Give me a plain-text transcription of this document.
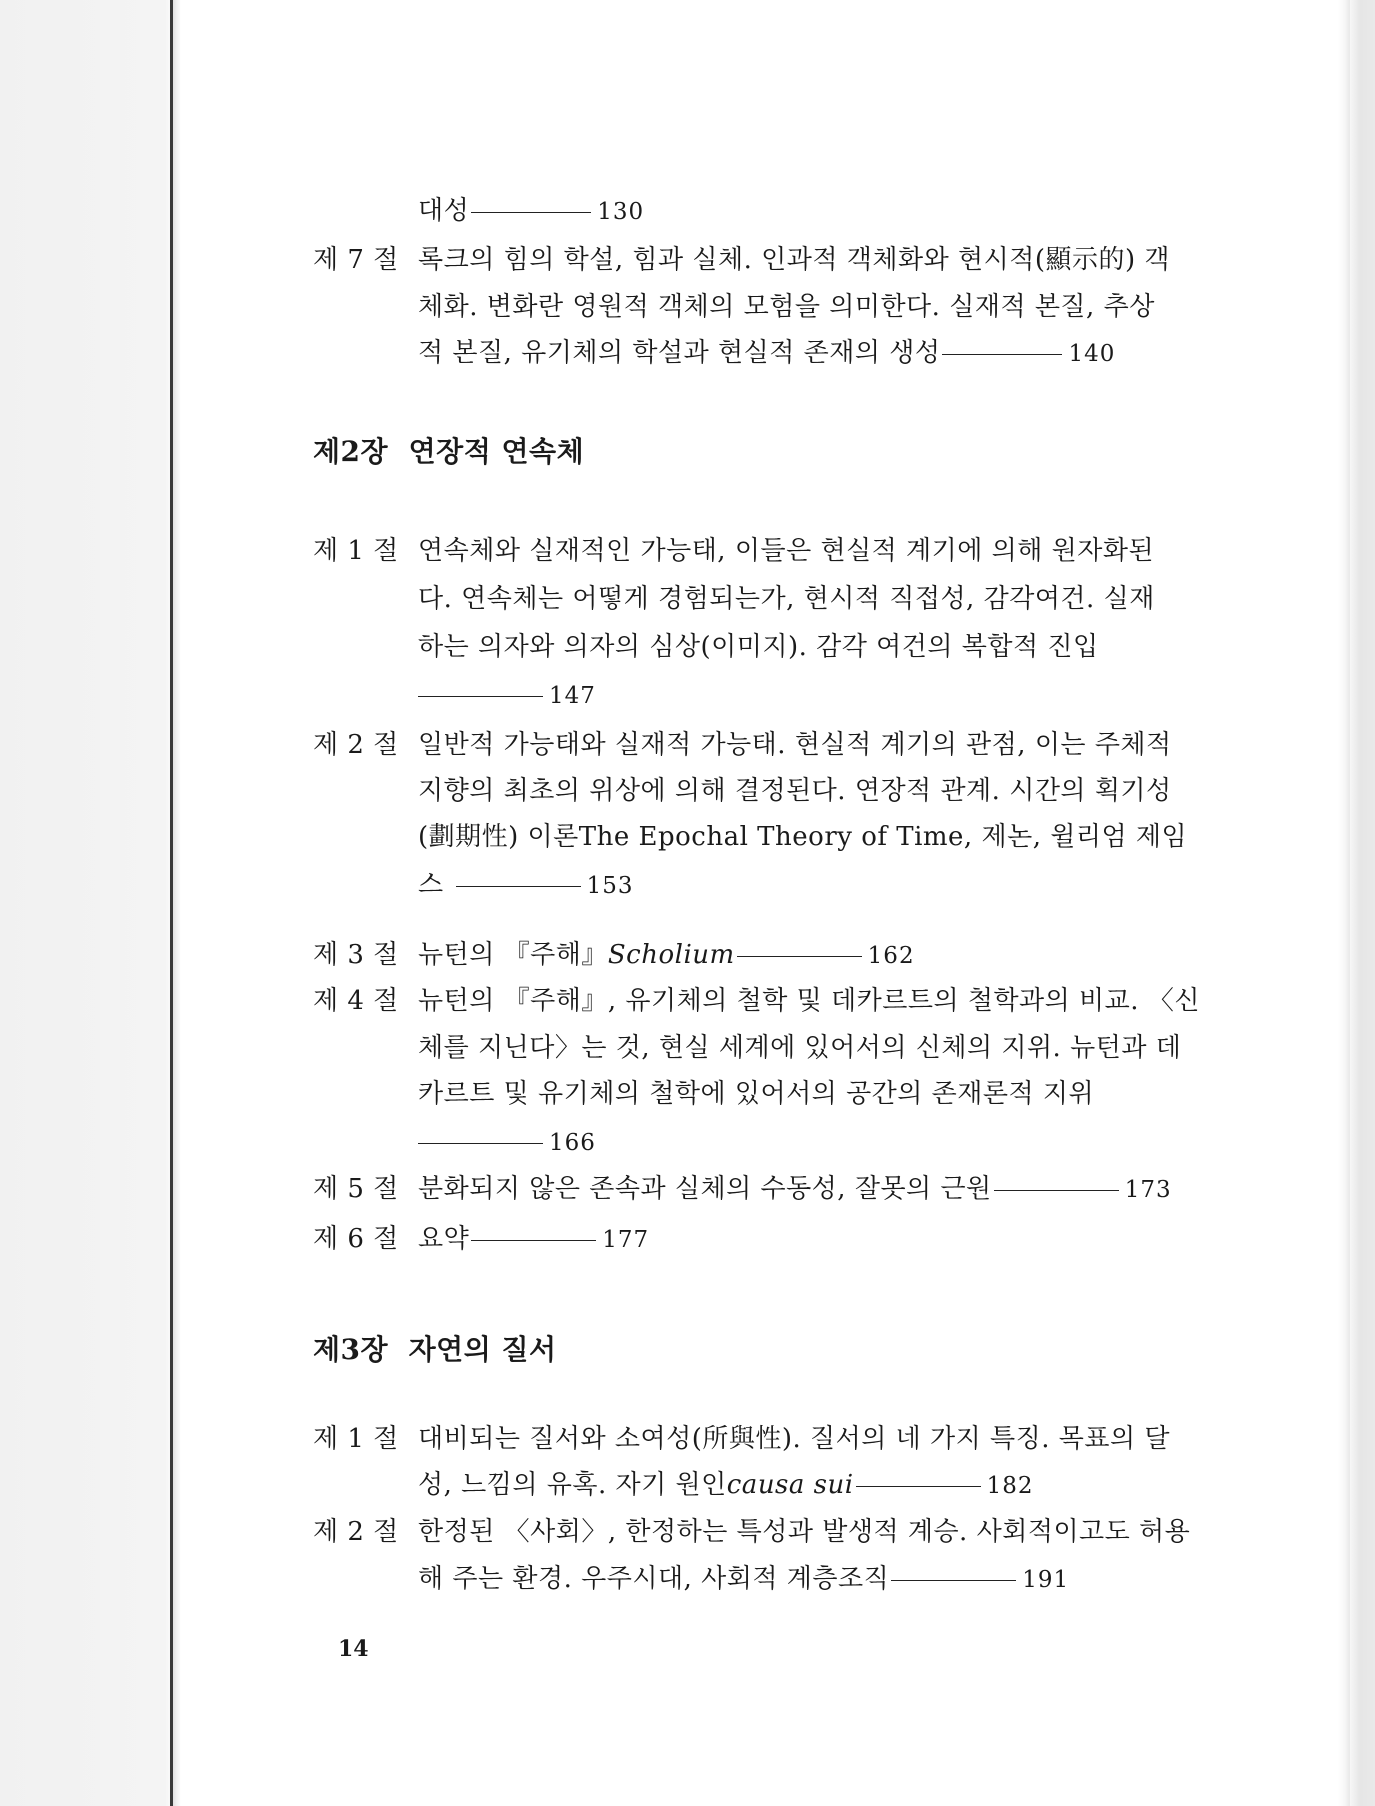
대성	130
제 7 절 록크의 힘의 학설, 힘과 실체. 인과적 객체화와 현시적(顯示的) 객
체화. 변화란 영원적 객체의 모험을 의미한다. 실재적 본질, 추상
적 본질, 유기체의 학설과 현실적 존재의 생성	140
제2장 연장적 연속체
제 1 절 연속체와 실재적인 가능태, 이들은 현실적 계기에 의해 원자화된
다. 연속체는 어떻게 경험되는가, 현시적 직접성, 감각여건. 실재
하는 의자와 의자의 심상(이미지). 감각 여건의 복합적 진입
147
제 2 절 일반적 가능태와 실재적 가능태. 현실적 계기의 관점, 이는 주체적
지향의 최초의 위상에 의해 결정된다. 연장적 관계. 시간의 획기성
(劃期性) 이론The Epochal Theory of Time, 제논, 윌리엄 제임
스	153
제 3 절 뉴턴의 『주해』Scholium	162
제 4 절 뉴턴의 『주해』, 유기체의 철학 및 데카르트의 철학과의 비교. 〈신
체를 지닌다〉는 것, 현실 세계에 있어서의 신체의 지위. 뉴턴과 데
카르트 및 유기체의 철학에 있어서의 공간의 존재론적 지위
166
제 5 절 분화되지 않은 존속과 실체의 수동성, 잘못의 근원	173
제 6 절 요약	177
제3장 자연의 질서
제 1 절 대비되는 질서와 소여성(所與性). 질서의 네 가지 특징. 목표의 달
성, 느낌의 유혹. 자기 원인causa sui	182
제 2 절 한정된 〈사회〉, 한정하는 특성과 발생적 계승. 사회적이고도 허용
해 주는 환경. 우주시대, 사회적 계층조직	191
14
